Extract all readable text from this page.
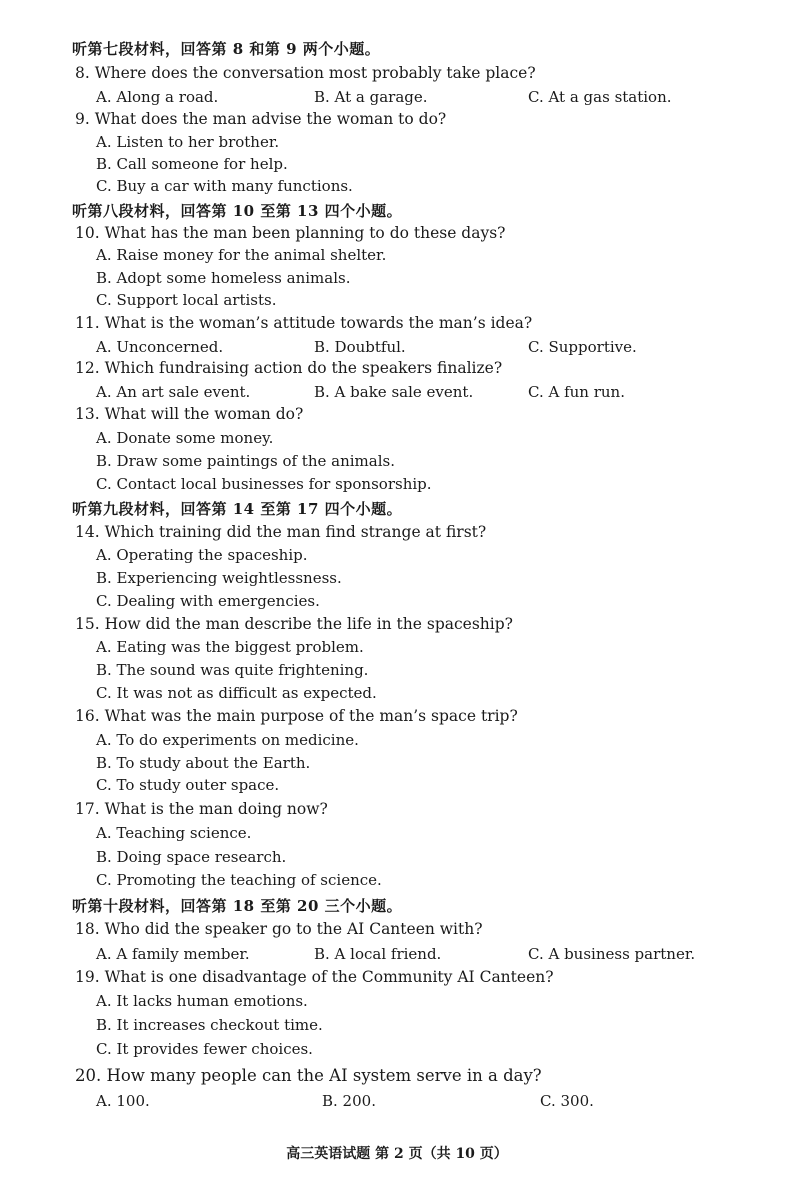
听第七段材料，回答第 8 和第 9 两个小题。
8. Where does the conversation most probably take place?
A. Along a road.	B. At a garage.	C. At a gas station.
9. What does the man advise the woman to do?
A. Listen to her brother.
B. Call someone for help.
C. Buy a car with many functions.
听第八段材料，回答第 10 至第 13 四个小题。
10. What has the man been planning to do these days?
A. Raise money for the animal shelter.
B. Adopt some homeless animals.
C. Support local artists.
11. What is the woman’s attitude towards the man’s idea?
A. Unconcerned.	B. Doubtful.	C. Supportive.
12. Which fundraising action do the speakers finalize?
A. An art sale event.	B. A bake sale event.	C. A fun run.
13. What will the woman do?
A. Donate some money.
B. Draw some paintings of the animals.
C. Contact local businesses for sponsorship.
听第九段材料，回答第 14 至第 17 四个小题。
14. Which training did the man find strange at first?
A. Operating the spaceship.
B. Experiencing weightlessness.
C. Dealing with emergencies.
15. How did the man describe the life in the spaceship?
A. Eating was the biggest problem.
B. The sound was quite frightening.
C. It was not as difficult as expected.
16. What was the main purpose of the man’s space trip?
A. To do experiments on medicine.
B. To study about the Earth.
C. To study outer space.
17. What is the man doing now?
A. Teaching science.
B. Doing space research.
C. Promoting the teaching of science.
听第十段材料，回答第 18 至第 20 三个小题。
18. Who did the speaker go to the AI Canteen with?
A. A family member.	B. A local friend.	C. A business partner.
19. What is one disadvantage of the Community AI Canteen?
A. It lacks human emotions.
B. It increases checkout time.
C. It provides fewer choices.
20. How many people can the AI system serve in a day?
A. 100.	B. 200.	C. 300.
高三英语试题 第 2 页（共 10 页）
